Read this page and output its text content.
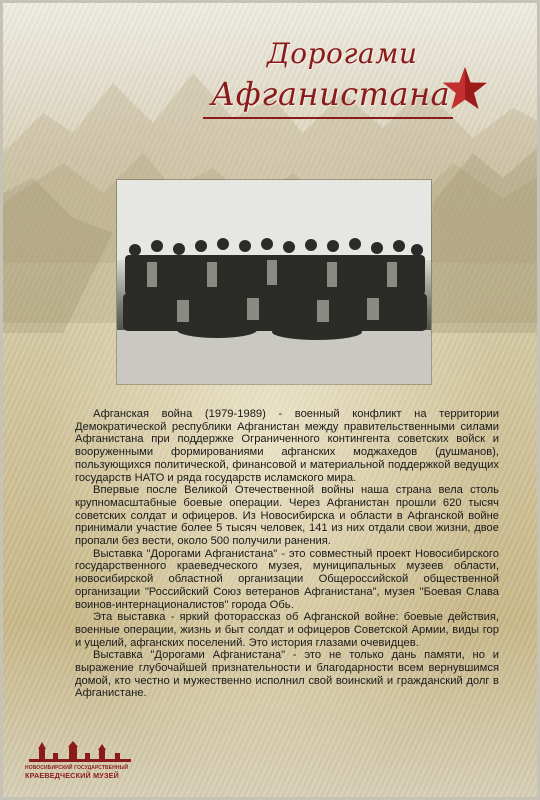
Дорогами
Афганистана

Афганская война (1979-1989) - военный конфликт на территории Демократической республики Афганистан между правительственными силами Афганистана при поддержке Ограниченного контингента советских войск и вооруженными формированиями афганских моджахедов (душманов), пользующихся политической, финансовой и материальной поддержкой ведущих государств НАТО и ряда государств исламского мира.

Впервые после Великой Отечественной войны наша страна вела столь крупномасштабные боевые операции. Через Афганистан прошли 620 тысяч советских солдат и офицеров. Из Новосибирска и области в Афганской войне принимали участие более 5 тысяч человек, 141 из них отдали свои жизни, двое пропали без вести, около 500 получили ранения.

Выставка "Дорогами Афганистана" - это совместный проект Новосибирского государственного краеведческого музея, муниципальных музеев области, новосибирской областной организации Общероссийской общественной организации "Российский Союз ветеранов Афганистана", музея "Боевая Слава воинов-интернационалистов" города Обь.

Эта выставка - яркий фоторассказ об Афганской войне: боевые действия, военные операции, жизнь и быт солдат и офицеров Советской Армии, виды гор и ущелий, афганских поселений. Это история глазами очевидцев.

Выставка "Дорогами Афганистана" - это не только дань памяти, но и выражение глубочайшей признательности и благодарности всем вернувшимся домой, кто честно и мужественно исполнил свой воинский и гражданский долг в Афганистане.

НОВОСИБИРСКИЙ ГОСУДАРСТВЕННЫЙ
КРАЕВЕДЧЕСКИЙ МУЗЕЙ
